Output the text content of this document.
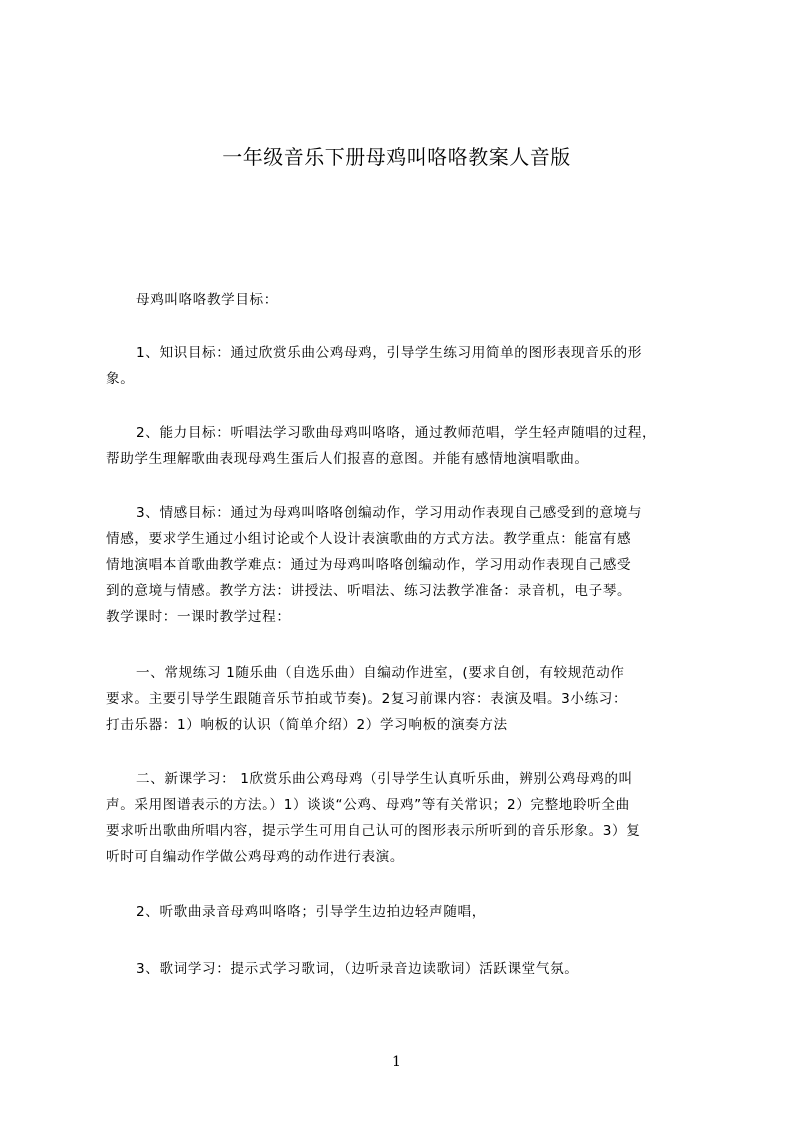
一年级音乐下册母鸡叫咯咯教案人音版
母鸡叫咯咯教学目标：
1、知识目标：通过欣赏乐曲公鸡母鸡，引导学生练习用简单的图形表现音乐的形
象。
2、能力目标：听唱法学习歌曲母鸡叫咯咯，通过教师范唱，学生轻声随唱的过程，
帮助学生理解歌曲表现母鸡生蛋后人们报喜的意图。并能有感情地演唱歌曲。
3、情感目标：通过为母鸡叫咯咯创编动作，学习用动作表现自己感受到的意境与
情感，要求学生通过小组讨论或个人设计表演歌曲的方式方法。教学重点：能富有感
情地演唱本首歌曲教学难点：通过为母鸡叫咯咯创编动作，学习用动作表现自己感受
到的意境与情感。教学方法：讲授法、听唱法、练习法教学准备：录音机，电子琴。
教学课时：一课时教学过程：
一、常规练习 1随乐曲（自选乐曲）自编动作进室，(要求自创，有较规范动作
要求。主要引导学生跟随音乐节拍或节奏)。2复习前课内容：表演及唱。3小练习：
打击乐器：1）响板的认识（简单介绍）2）学习响板的演奏方法
二、新课学习： 1欣赏乐曲公鸡母鸡（引导学生认真听乐曲，辨别公鸡母鸡的叫
声。采用图谱表示的方法。）1）谈谈“公鸡、母鸡”等有关常识；2）完整地聆听全曲
要求听出歌曲所唱内容，提示学生可用自己认可的图形表示所听到的音乐形象。3）复
听时可自编动作学做公鸡母鸡的动作进行表演。
2、听歌曲录音母鸡叫咯咯；引导学生边拍边轻声随唱，
3、歌词学习：提示式学习歌词，（边听录音边读歌词）活跃课堂气氛。
1
